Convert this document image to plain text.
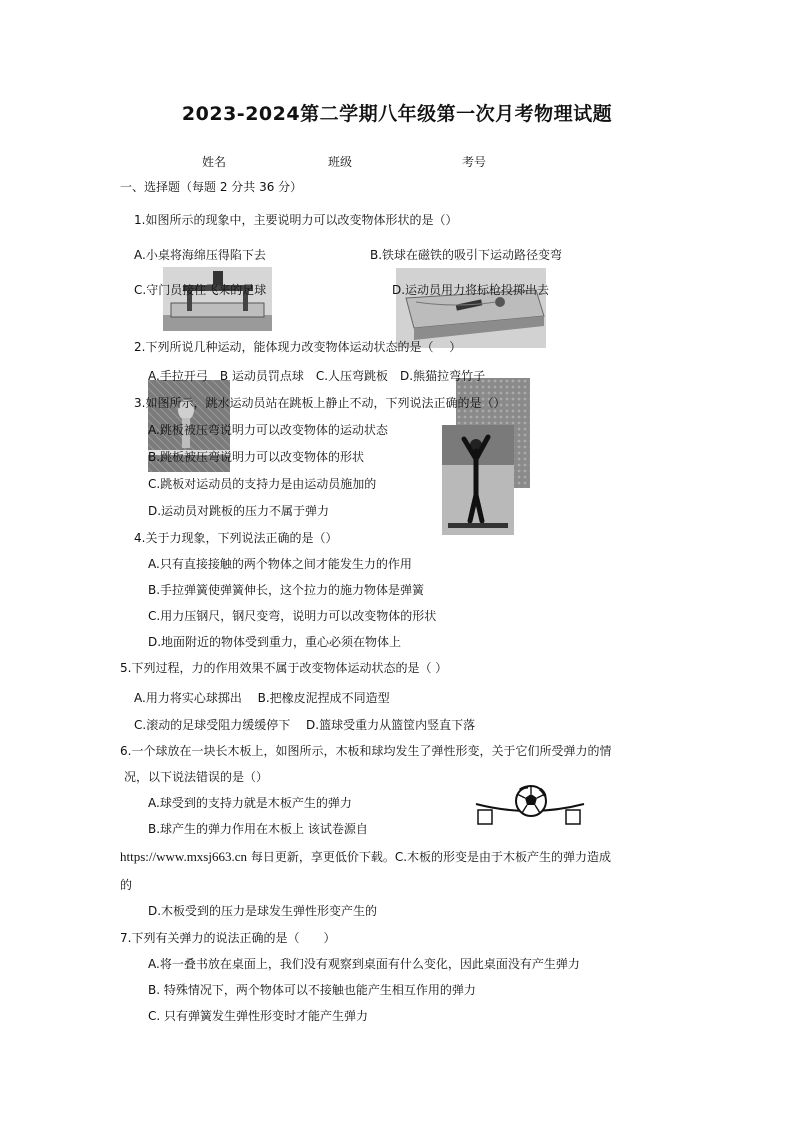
2023-2024第二学期八年级第一次月考物理试题
姓名	班级	考号
一、选择题（每题 2 分共 36 分）
1.如图所示的现象中，主要说明力可以改变物体形状的是（）
A.小桌将海绵压得陷下去	B.铁球在磁铁的吸引下运动路径变弯
C.守门员接住飞来的足球	D.运动员用力将标枪投掷出去
2.下列所说几种运动，能体现力改变物体运动状态的是（　 ）
A.手拉开弓　B 运动员罚点球　C.人压弯跳板　D.熊猫拉弯竹子
3.如图所示，跳水运动员站在跳板上静止不动，下列说法正确的是（）
A.跳板被压弯说明力可以改变物体的运动状态
B.跳板被压弯说明力可以改变物体的形状
C.跳板对运动员的支持力是由运动员施加的
D.运动员对跳板的压力不属于弹力
4.关于力现象，下列说法正确的是（）
A.只有直接接触的两个物体之间才能发生力的作用
B.手拉弹簧使弹簧伸长，这个拉力的施力物体是弹簧
C.用力压钢尺，钢尺变弯，说明力可以改变物体的形状
D.地面附近的物体受到重力，重心必须在物体上
5.下列过程，力的作用效果不属于改变物体运动状态的是（ ）
A.用力将实心球掷出　 B.把橡皮泥捏成不同造型
C.滚动的足球受阻力缓缓停下　 D.篮球受重力从篮筐内竖直下落
6.一个球放在一块长木板上，如图所示，木板和球均发生了弹性形变，关于它们所受弹力的情
况，以下说法错误的是（）
A.球受到的支持力就是木板产生的弹力
B.球产生的弹力作用在木板上 该试卷源自
https://www.mxsj663.cn 每日更新，享更低价下载。C.木板的形变是由于木板产生的弹力造成
的
D.木板受到的压力是球发生弹性形变产生的
7.下列有关弹力的说法正确的是（　　）
A.将一叠书放在桌面上，我们没有观察到桌面有什么变化，因此桌面没有产生弹力
B. 特殊情况下，两个物体可以不接触也能产生相互作用的弹力
C. 只有弹簧发生弹性形变时才能产生弹力
